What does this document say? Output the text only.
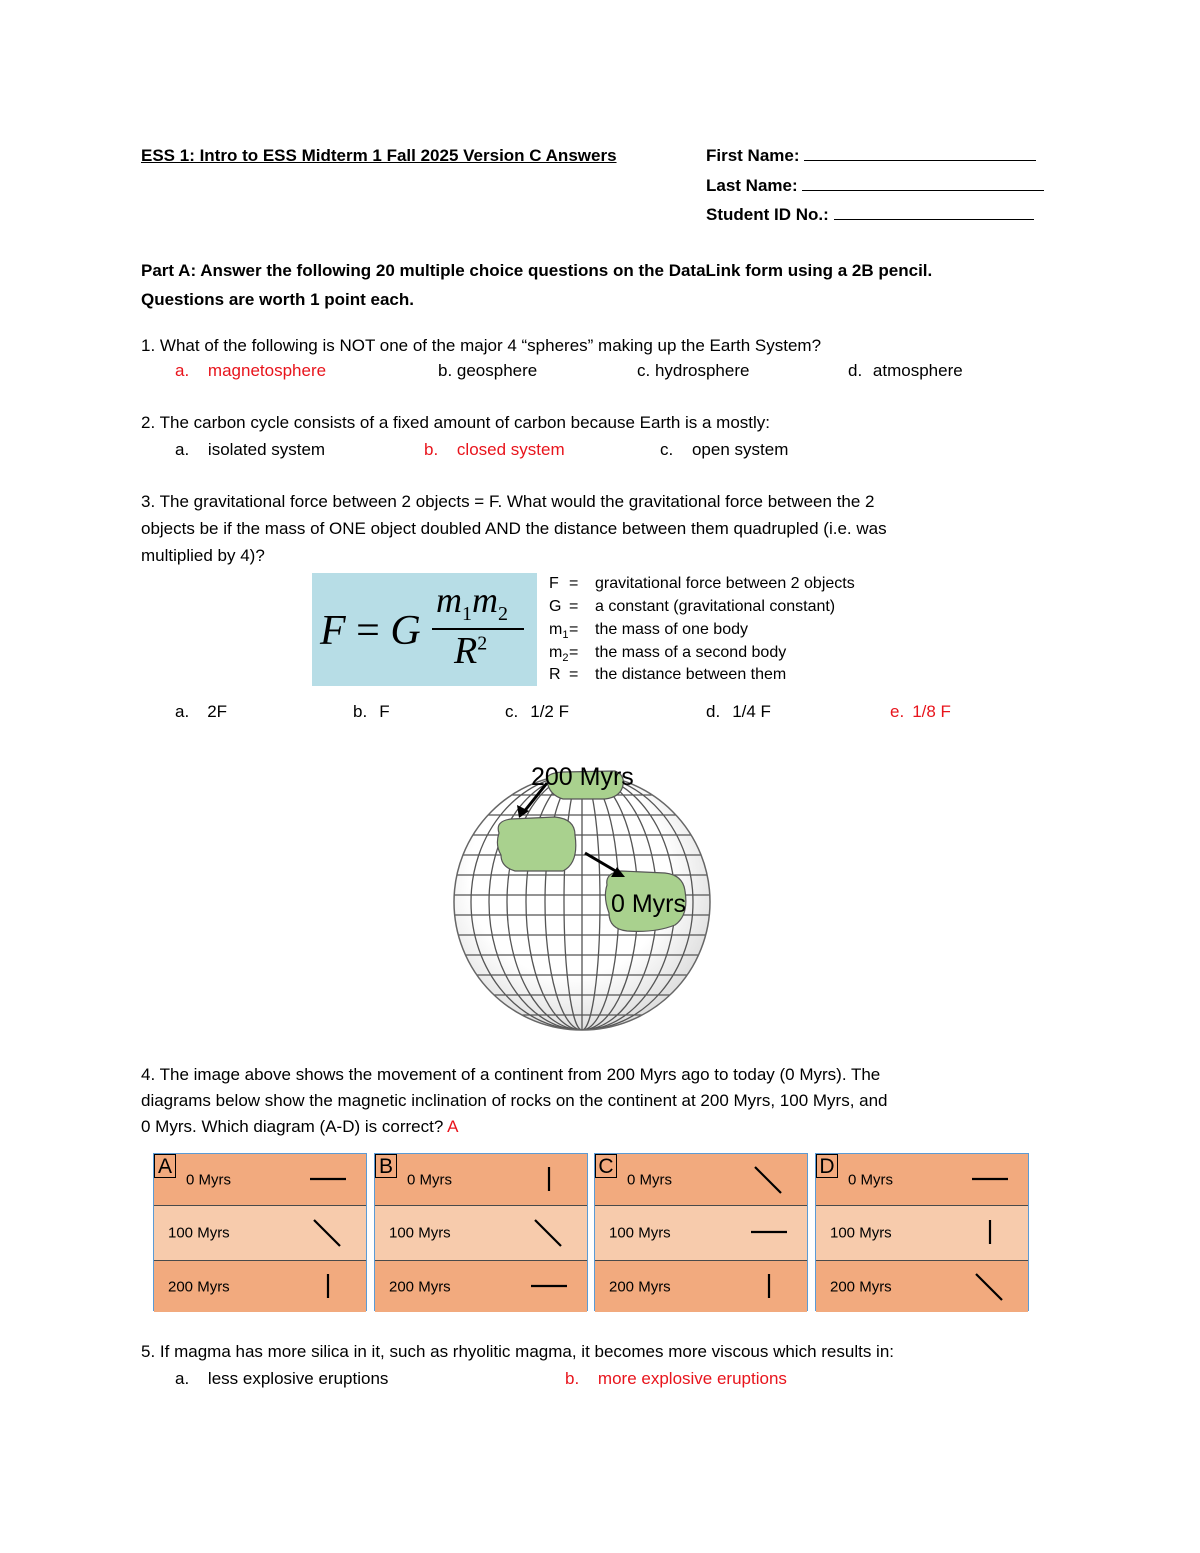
ESS 1: Intro to ESS Midterm 1 Fall 2025 Version C Answers	First Name:
Last Name:
Student ID No.:
Part A: Answer the following 20 multiple choice questions on the DataLink form using a 2B pencil.
Questions are worth 1 point each.
1. What of the following is NOT one of the major 4 “spheres” making up the Earth System?
a. magnetosphere	b. geosphere	c. hydrosphere	d. atmosphere
2. The carbon cycle consists of a fixed amount of carbon because Earth is a mostly:
a. isolated system	b. closed system	c. open system
3. The gravitational force between 2 objects = F. What would the gravitational force between the 2
objects be if the mass of ONE object doubled AND the distance between them quadrupled (i.e. was
multiplied by 4)?
F = G
$m_1m_2$
$R^2$
F = gravitational force between 2 objects
G = a constant (gravitational constant)
$m_1=$ the mass of one body
$m_2=$ the mass of a second body
R = the distance between them
a. 2F	b. F	c. 1/2 F	d. 1/4 F	e. 1/8 F
200 Myrs
0 Myrs
4. The image above shows the movement of a continent from 200 Myrs ago to today (0 Myrs). The
diagrams below show the magnetic inclination of rocks on the continent at 200 Myrs, 100 Myrs, and
0 Myrs. Which diagram (A-D) is correct? A
0 Myrs
100 Myrs
200 Myrs
A
0 Myrs
100 Myrs
200 Myrs
B
0 Myrs
100 Myrs
200 Myrs
C
0 Myrs
100 Myrs
200 Myrs
D
5. If magma has more silica in it, such as rhyolitic magma, it becomes more viscous which results in:
a. less explosive eruptions	b. more explosive eruptions
